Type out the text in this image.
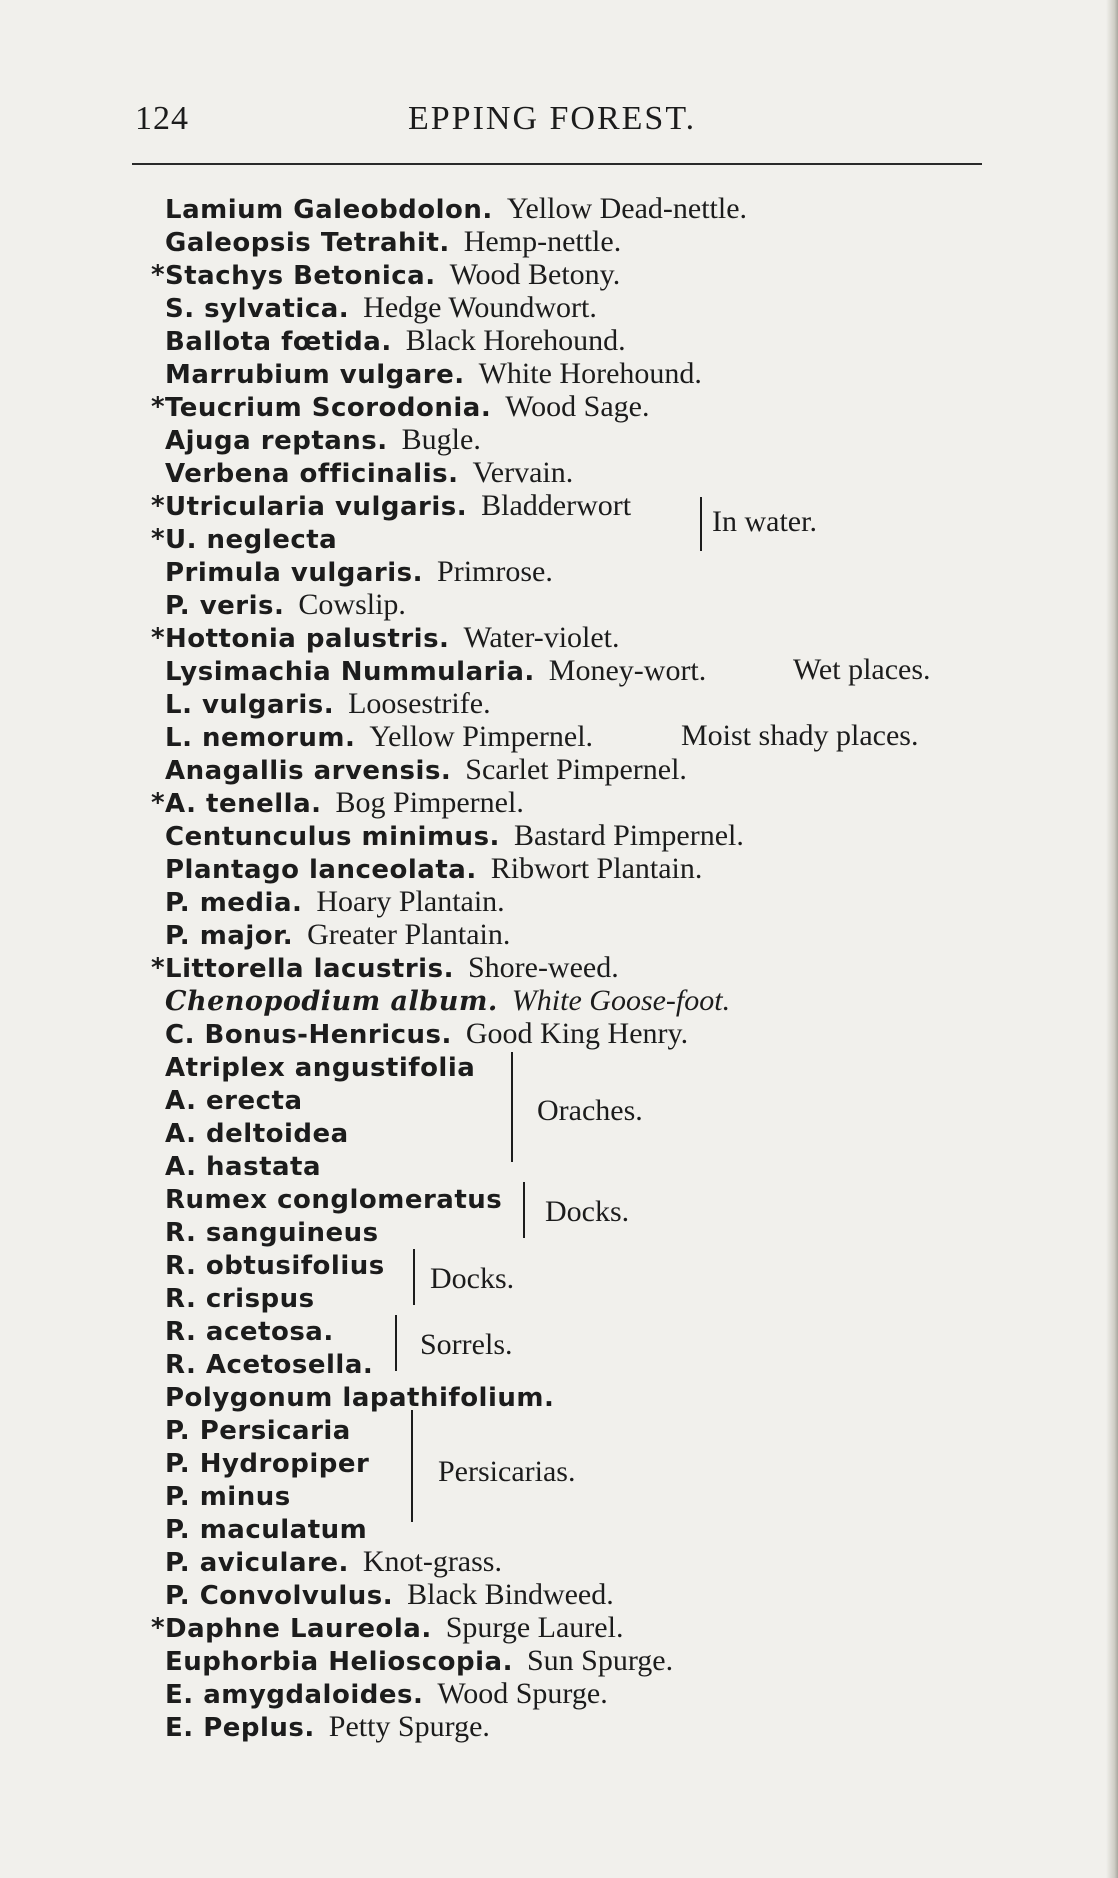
124	EPPING FOREST.
Lamium Galeobdolon. Yellow Dead-nettle.
Galeopsis Tetrahit. Hemp-nettle.
* Stachys Betonica. Wood Betony.
S. sylvatica. Hedge Woundwort.
Ballota fœtida. Black Horehound.
Marrubium vulgare. White Horehound.
* Teucrium Scorodonia. Wood Sage.
Ajuga reptans. Bugle.
Verbena officinalis. Vervain.
* Utricularia vulgaris. Bladderwort
* U. neglecta
Primula vulgaris. Primrose.
P. veris. Cowslip.
* Hottonia palustris. Water-violet.
Lysimachia Nummularia. Money-wort.
L. vulgaris. Loosestrife.
L. nemorum. Yellow Pimpernel.
Anagallis arvensis. Scarlet Pimpernel.
* A. tenella. Bog Pimpernel.
Centunculus minimus. Bastard Pimpernel.
Plantago lanceolata. Ribwort Plantain.
P. media. Hoary Plantain.
P. major. Greater Plantain.
* Littorella lacustris. Shore-weed.
Chenopodium album. White Goose-foot.
C. Bonus-Henricus. Good King Henry.
Atriplex angustifolia
A. erecta
A. deltoidea
A. hastata
Rumex conglomeratus
R. sanguineus
R. obtusifolius
R. crispus
R. acetosa.
R. Acetosella.
Polygonum lapathifolium.
P. Persicaria
P. Hydropiper
P. minus
P. maculatum
P. aviculare. Knot-grass.
P. Convolvulus. Black Bindweed.
* Daphne Laureola. Spurge Laurel.
Euphorbia Helioscopia. Sun Spurge.
E. amygdaloides. Wood Spurge.
E. Peplus. Petty Spurge.
In water.
Wet places.
Moist shady places.
Oraches.
Docks.
Docks.
Sorrels.
Persicarias.
